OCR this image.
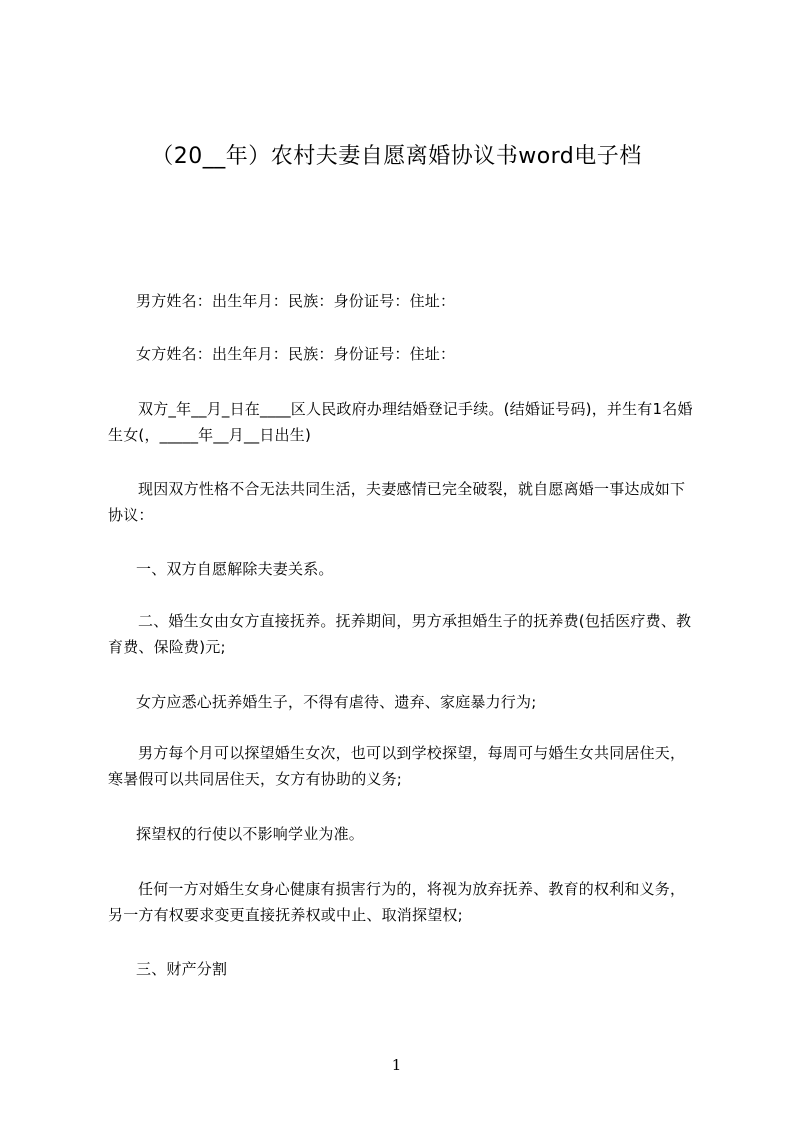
（20__年）农村夫妻自愿离婚协议书word电子档

男方姓名：出生年月：民族：身份证号：住址：

女方姓名：出生年月：民族：身份证号：住址：

双方_年__月_日在____区人民政府办理结婚登记手续。(结婚证号码)，并生有1名婚生女(，_____年__月__日出生)

现因双方性格不合无法共同生活，夫妻感情已完全破裂，就自愿离婚一事达成如下协议：

一、双方自愿解除夫妻关系。

二、婚生女由女方直接抚养。抚养期间，男方承担婚生子的抚养费(包括医疗费、教育费、保险费)元;

女方应悉心抚养婚生子，不得有虐待、遗弃、家庭暴力行为;

男方每个月可以探望婚生女次，也可以到学校探望，每周可与婚生女共同居住天，寒暑假可以共同居住天，女方有协助的义务;

探望权的行使以不影响学业为准。

任何一方对婚生女身心健康有损害行为的，将视为放弃抚养、教育的权利和义务，另一方有权要求变更直接抚养权或中止、取消探望权;

三、财产分割

1
